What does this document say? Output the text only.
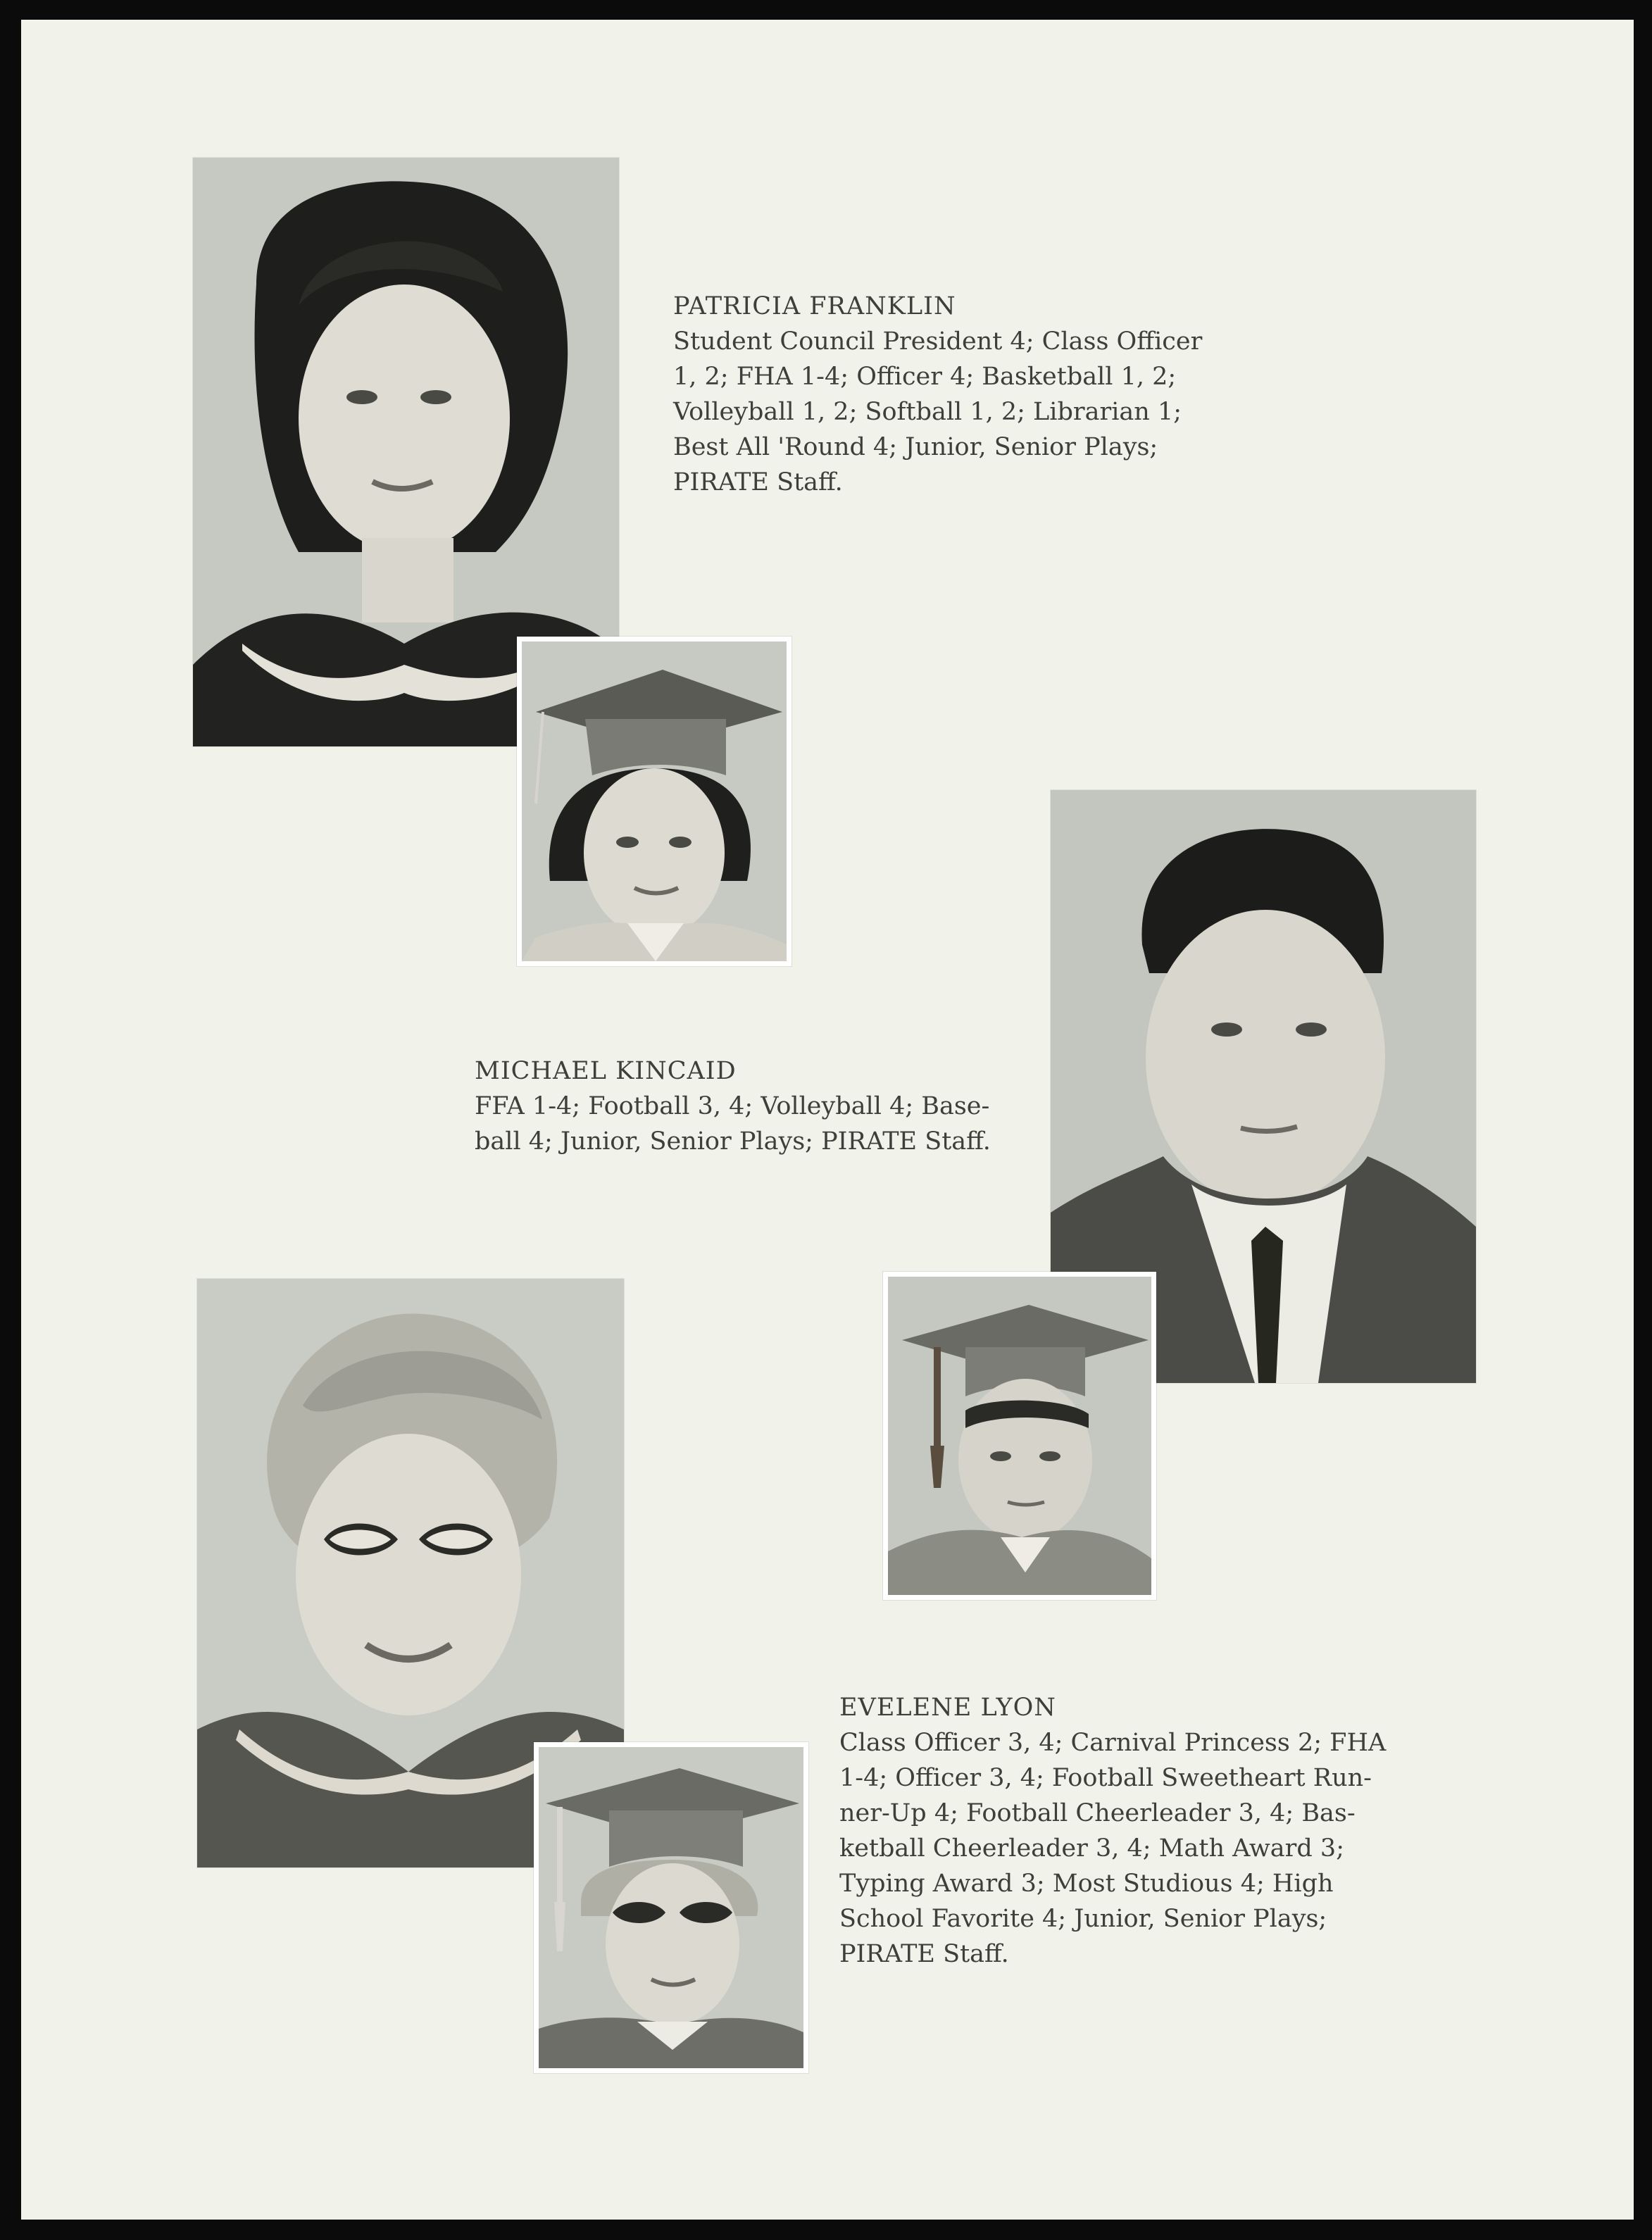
PATRICIA FRANKLIN
Student Council President 4; Class Officer
1, 2; FHA 1-4; Officer 4; Basketball 1, 2;
Volleyball 1, 2; Softball 1, 2; Librarian 1;
Best All 'Round 4; Junior, Senior Plays;
PIRATE Staff.
MICHAEL KINCAID
FFA 1-4; Football 3, 4; Volleyball 4; Base-
ball 4; Junior, Senior Plays; PIRATE Staff.
EVELENE LYON
Class Officer 3, 4; Carnival Princess 2; FHA
1-4; Officer 3, 4; Football Sweetheart Run-
ner-Up 4; Football Cheerleader 3, 4; Bas-
ketball Cheerleader 3, 4; Math Award 3;
Typing Award 3; Most Studious 4; High
School Favorite 4; Junior, Senior Plays;
PIRATE Staff.
